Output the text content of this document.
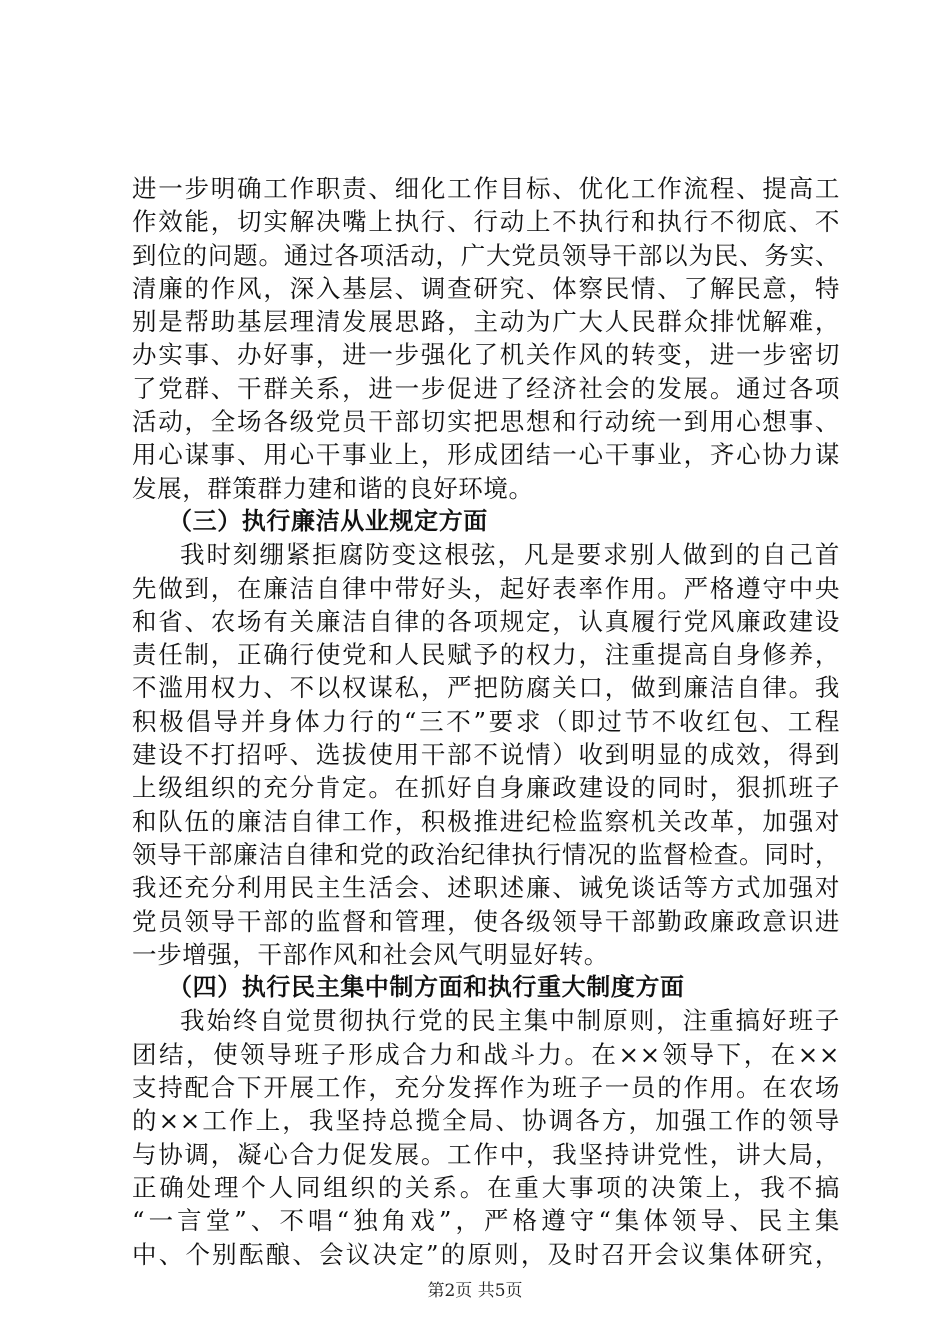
进一步明确工作职责、细化工作目标、优化工作流程、提高工
作效能，切实解决嘴上执行、行动上不执行和执行不彻底、不
到位的问题。通过各项活动，广大党员领导干部以为民、务实、
清廉的作风，深入基层、调查研究、体察民情、了解民意，特
别是帮助基层理清发展思路，主动为广大人民群众排忧解难，
办实事、办好事，进一步强化了机关作风的转变，进一步密切
了党群、干群关系，进一步促进了经济社会的发展。通过各项
活动，全场各级党员干部切实把思想和行动统一到用心想事、
用心谋事、用心干事业上，形成团结一心干事业，齐心协力谋
发展，群策群力建和谐的良好环境。
（三）执行廉洁从业规定方面
我时刻绷紧拒腐防变这根弦，凡是要求别人做到的自己首
先做到，在廉洁自律中带好头，起好表率作用。严格遵守中央
和省、农场有关廉洁自律的各项规定，认真履行党风廉政建设
责任制，正确行使党和人民赋予的权力，注重提高自身修养，
不滥用权力、不以权谋私，严把防腐关口，做到廉洁自律。我
积极倡导并身体力行的“三不”要求（即过节不收红包、工程
建设不打招呼、选拔使用干部不说情）收到明显的成效，得到
上级组织的充分肯定。在抓好自身廉政建设的同时，狠抓班子
和队伍的廉洁自律工作，积极推进纪检监察机关改革，加强对
领导干部廉洁自律和党的政治纪律执行情况的监督检查。同时，
我还充分利用民主生活会、述职述廉、诫免谈话等方式加强对
党员领导干部的监督和管理，使各级领导干部勤政廉政意识进
一步增强，干部作风和社会风气明显好转。
（四）执行民主集中制方面和执行重大制度方面
我始终自觉贯彻执行党的民主集中制原则，注重搞好班子
团结，使领导班子形成合力和战斗力。在××领导下，在××
支持配合下开展工作，充分发挥作为班子一员的作用。在农场
的××工作上，我坚持总揽全局、协调各方，加强工作的领导
与协调，凝心合力促发展。工作中，我坚持讲党性，讲大局，
正确处理个人同组织的关系。在重大事项的决策上，我不搞
“一言堂”、不唱“独角戏”，严格遵守“集体领导、民主集
中、个别酝酿、会议决定”的原则，及时召开会议集体研究，
第2页 共5页
